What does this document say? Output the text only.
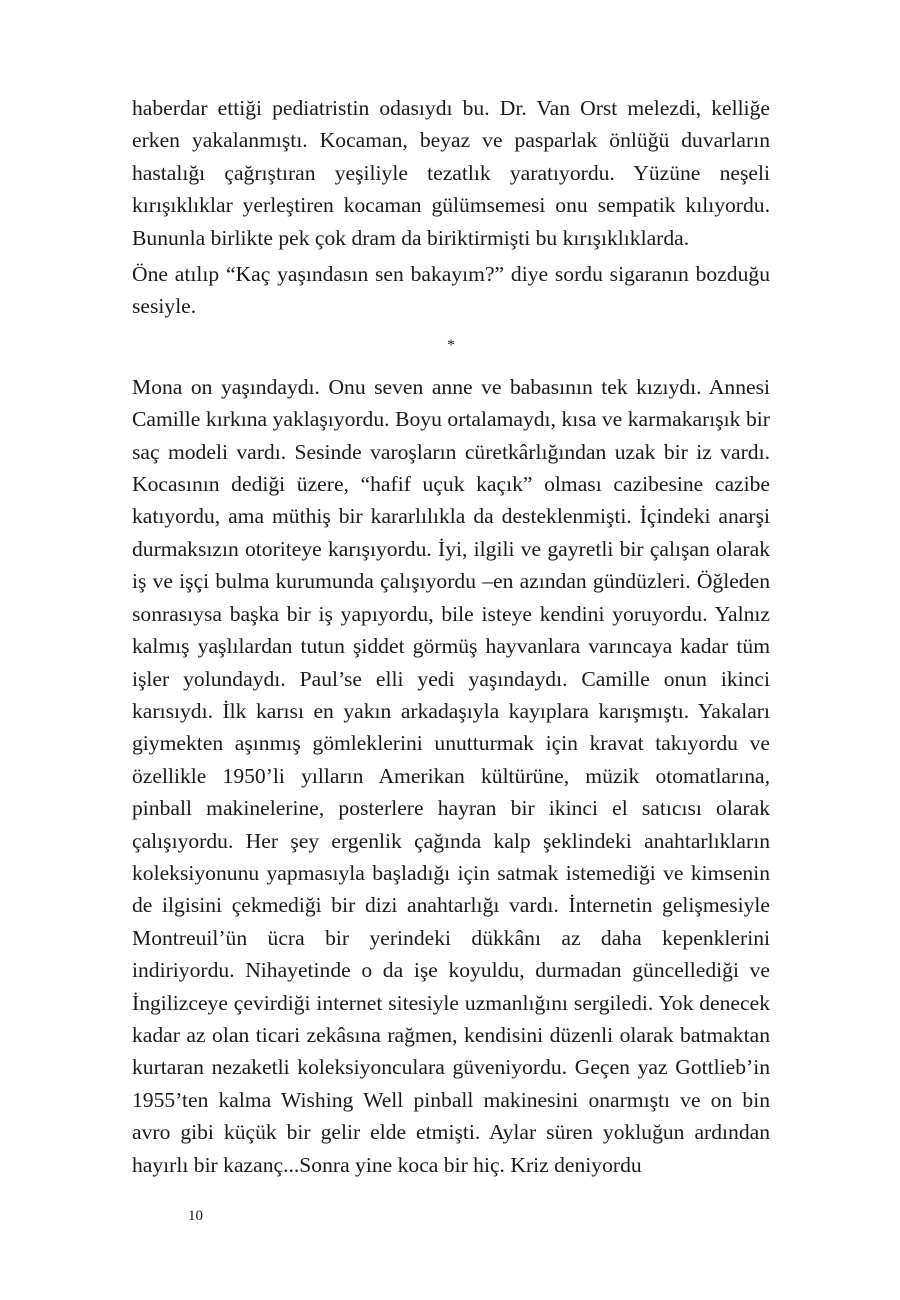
haberdar ettiği pediatristin odasıydı bu. Dr. Van Orst melezdi, kelliğe erken yakalanmıştı. Kocaman, beyaz ve pasparlak önlüğü duvarların hastalığı çağrıştıran yeşiliyle tezatlık yaratıyordu. Yüzüne neşeli kırışıklıklar yerleştiren kocaman gülümsemesi onu sempatik kılıyordu. Bununla birlikte pek çok dram da biriktirmişti bu kırışıklıklarda.

Öne atılıp “Kaç yaşındasın sen bakayım?” diye sordu sigaranın bozduğu sesiyle.

*

Mona on yaşındaydı. Onu seven anne ve babasının tek kızıydı. Annesi Camille kırkına yaklaşıyordu. Boyu ortalamaydı, kısa ve karmakarışık bir saç modeli vardı. Sesinde varoşların cüretkârlığından uzak bir iz vardı. Kocasının dediği üzere, “hafif uçuk kaçık” olması cazibesine cazibe katıyordu, ama müthiş bir kararlılıkla da desteklenmişti. İçindeki anarşi durmaksızın otoriteye karışıyordu. İyi, ilgili ve gayretli bir çalışan olarak iş ve işçi bulma kurumunda çalışıyordu –en azından gündüzleri. Öğleden sonrasıysa başka bir iş yapıyordu, bile isteye kendini yoruyordu. Yalnız kalmış yaşlılardan tutun şiddet görmüş hayvanlara varıncaya kadar tüm işler yolundaydı. Paul’se elli yedi yaşındaydı. Camille onun ikinci karısıydı. İlk karısı en yakın arkadaşıyla kayıplara karışmıştı. Yakaları giymekten aşınmış gömleklerini unutturmak için kravat takıyordu ve özellikle 1950’li yılların Amerikan kültürüne, müzik otomatlarına, pinball makinelerine, posterlere hayran bir ikinci el satıcısı olarak çalışıyordu. Her şey ergenlik çağında kalp şeklindeki anahtarlıkların koleksiyonunu yapmasıyla başladığı için satmak istemediği ve kimsenin de ilgisini çekmediği bir dizi anahtarlığı vardı. İnternetin gelişmesiyle Montreuil’ün ücra bir yerindeki dükkânı az daha kepenklerini indiriyordu. Nihayetinde o da işe koyuldu, durmadan güncellediği ve İngilizceye çevirdiği internet sitesiyle uzmanlığını sergiledi. Yok denecek kadar az olan ticari zekâsına rağmen, kendisini düzenli olarak batmaktan kurtaran nezaketli koleksiyonculara güveniyordu. Geçen yaz Gottlieb’in 1955’ten kalma Wishing Well pinball makinesini onarmıştı ve on bin avro gibi küçük bir gelir elde etmişti. Aylar süren yokluğun ardından hayırlı bir kazanç...Sonra yine koca bir hiç. Kriz deniyordu

10
